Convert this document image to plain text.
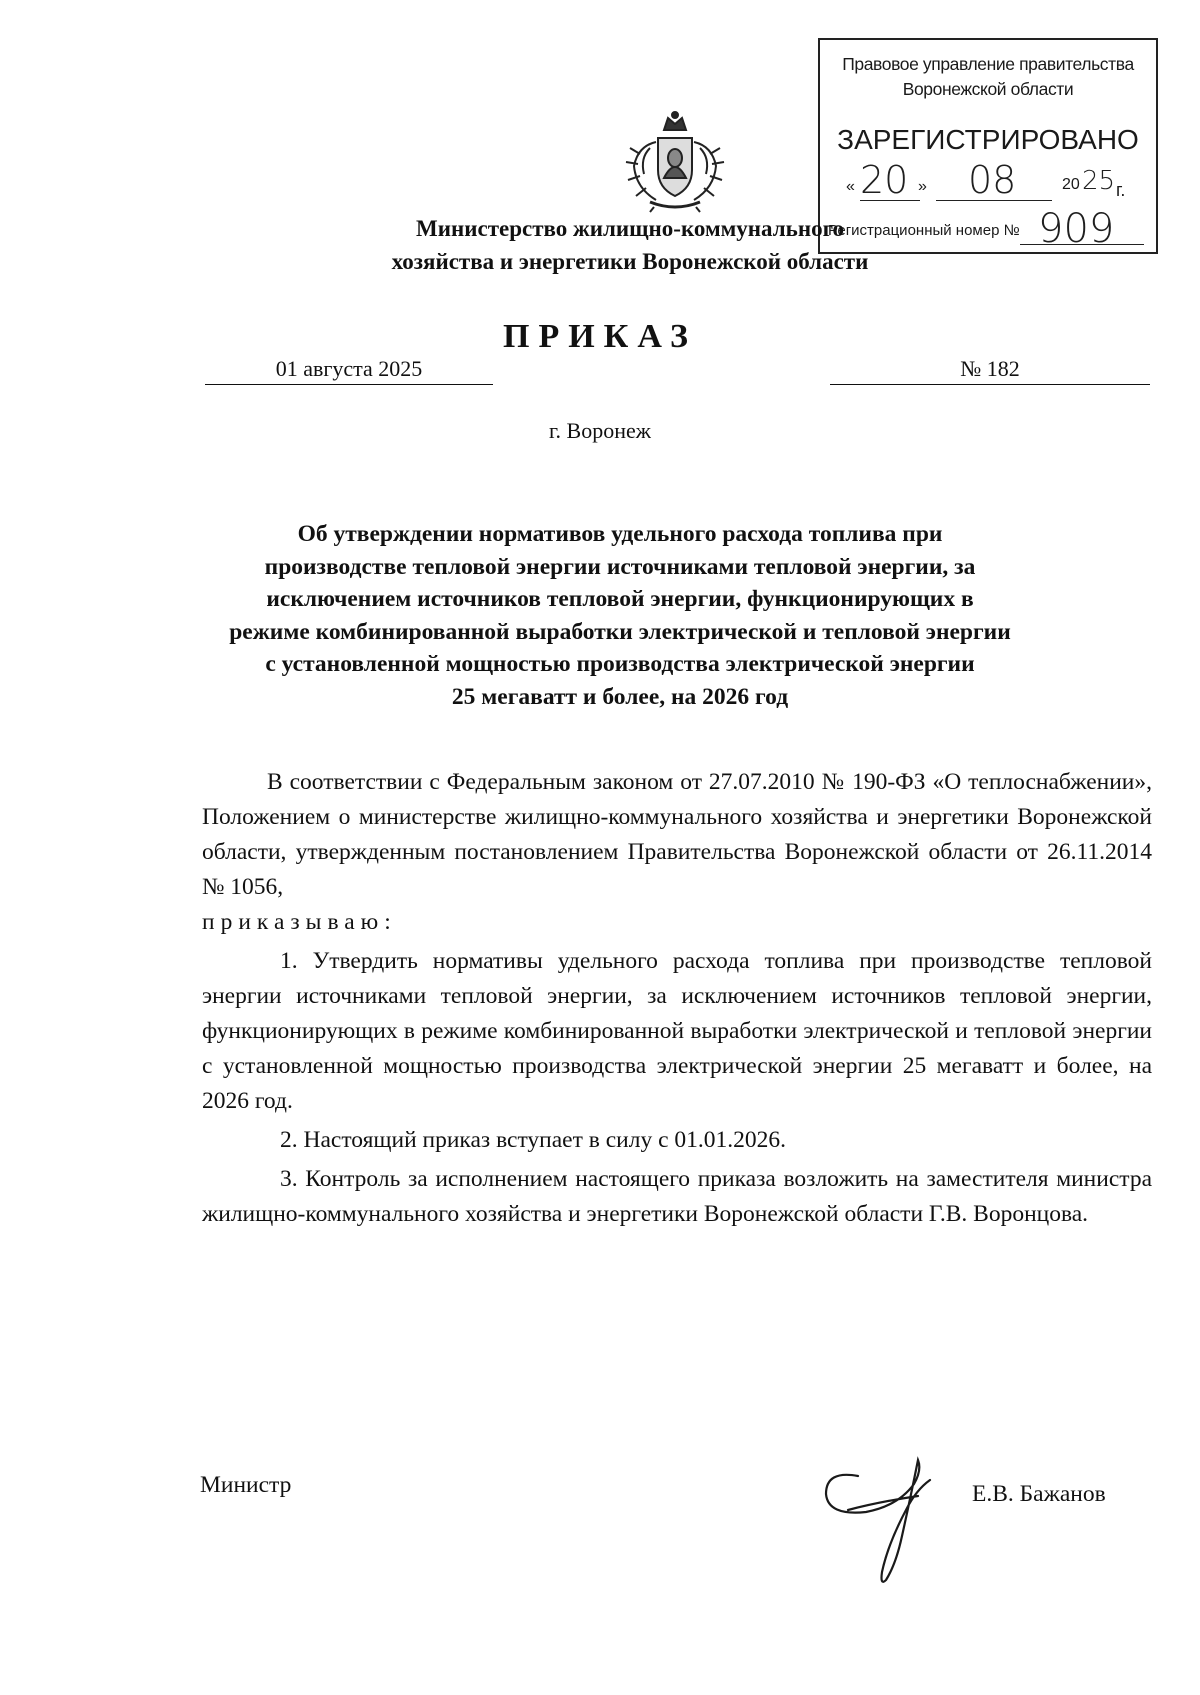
Правовое управление правительства
Воронежской области
ЗАРЕГИСТРИРОВАНО
« 20 » 08	20 25 г.
Регистрационный номер № 909
Министерство жилищно-коммунального
хозяйства и энергетики Воронежской области
ПРИКАЗ
01 августа 2025	№ 182
г. Воронеж
Об утверждении нормативов удельного расхода топлива при
производстве тепловой энергии источниками тепловой энергии, за
исключением источников тепловой энергии, функционирующих в
режиме комбинированной выработки электрической и тепловой энергии
с установленной мощностью производства электрической энергии
25 мегаватт и более, на 2026 год

В соответствии с Федеральным законом от 27.07.2010 № 190-ФЗ «О теплоснабжении», Положением о министерстве жилищно-коммунального хозяйства и энергетики Воронежской области, утвержденным постановлением Правительства Воронежской области от 26.11.2014 № 1056,

приказываю:

1. Утвердить нормативы удельного расхода топлива при производстве тепловой энергии источниками тепловой энергии, за исключением источников тепловой энергии, функционирующих в режиме комбинированной выработки электрической и тепловой энергии с установленной мощностью производства электрической энергии 25 мегаватт и более, на 2026 год.

2. Настоящий приказ вступает в силу с 01.01.2026.

3. Контроль за исполнением настоящего приказа возложить на заместителя министра жилищно-коммунального хозяйства и энергетики Воронежской области Г.В. Воронцова.

Министр	Е.В. Бажанов
